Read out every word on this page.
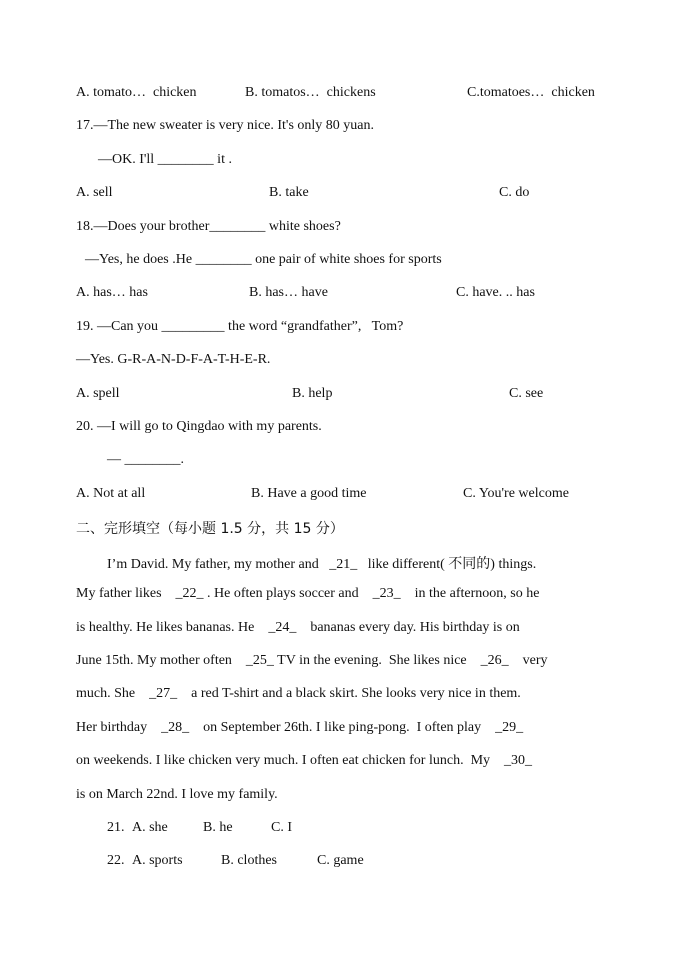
A. tomato…  chicken	B. tomatos…  chickens	C.tomatoes…  chicken
17.—The new sweater is very nice. It's only 80 yuan.
—OK. I'll ________ it .
A. sell	B. take	C. do
18.—Does your brother________ white shoes?
—Yes, he does .He ________ one pair of white shoes for sports
A. has… has	B. has… have	C. have. .. has
19. —Can you _________ the word “grandfather”,   Tom?
—Yes. G-R-A-N-D-F-A-T-H-E-R.
A. spell	B. help	C. see
20. —I will go to Qingdao with my parents.
— ________.
A. Not at all	B. Have a good time	C. You're welcome
二、完形填空（每小题 1.5 分，共 15 分）
I’m David. My father, my mother and   _21_   like different( 不同的) things.
My father likes    _22_ . He often plays soccer and    _23_    in the afternoon, so he
is healthy. He likes bananas. He    _24_    bananas every day. His birthday is on
June 15th. My mother often    _25_ TV in the evening.  She likes nice    _26_    very
much. She    _27_    a red T-shirt and a black skirt. She looks very nice in them.
Her birthday    _28_    on September 26th. I like ping-pong.  I often play    _29_
on weekends. I like chicken very much. I often eat chicken for lunch.  My    _30_
is on March 22nd. I love my family.
21. A. she	B. he	C. I
22. A. sports	B. clothes	C. game
